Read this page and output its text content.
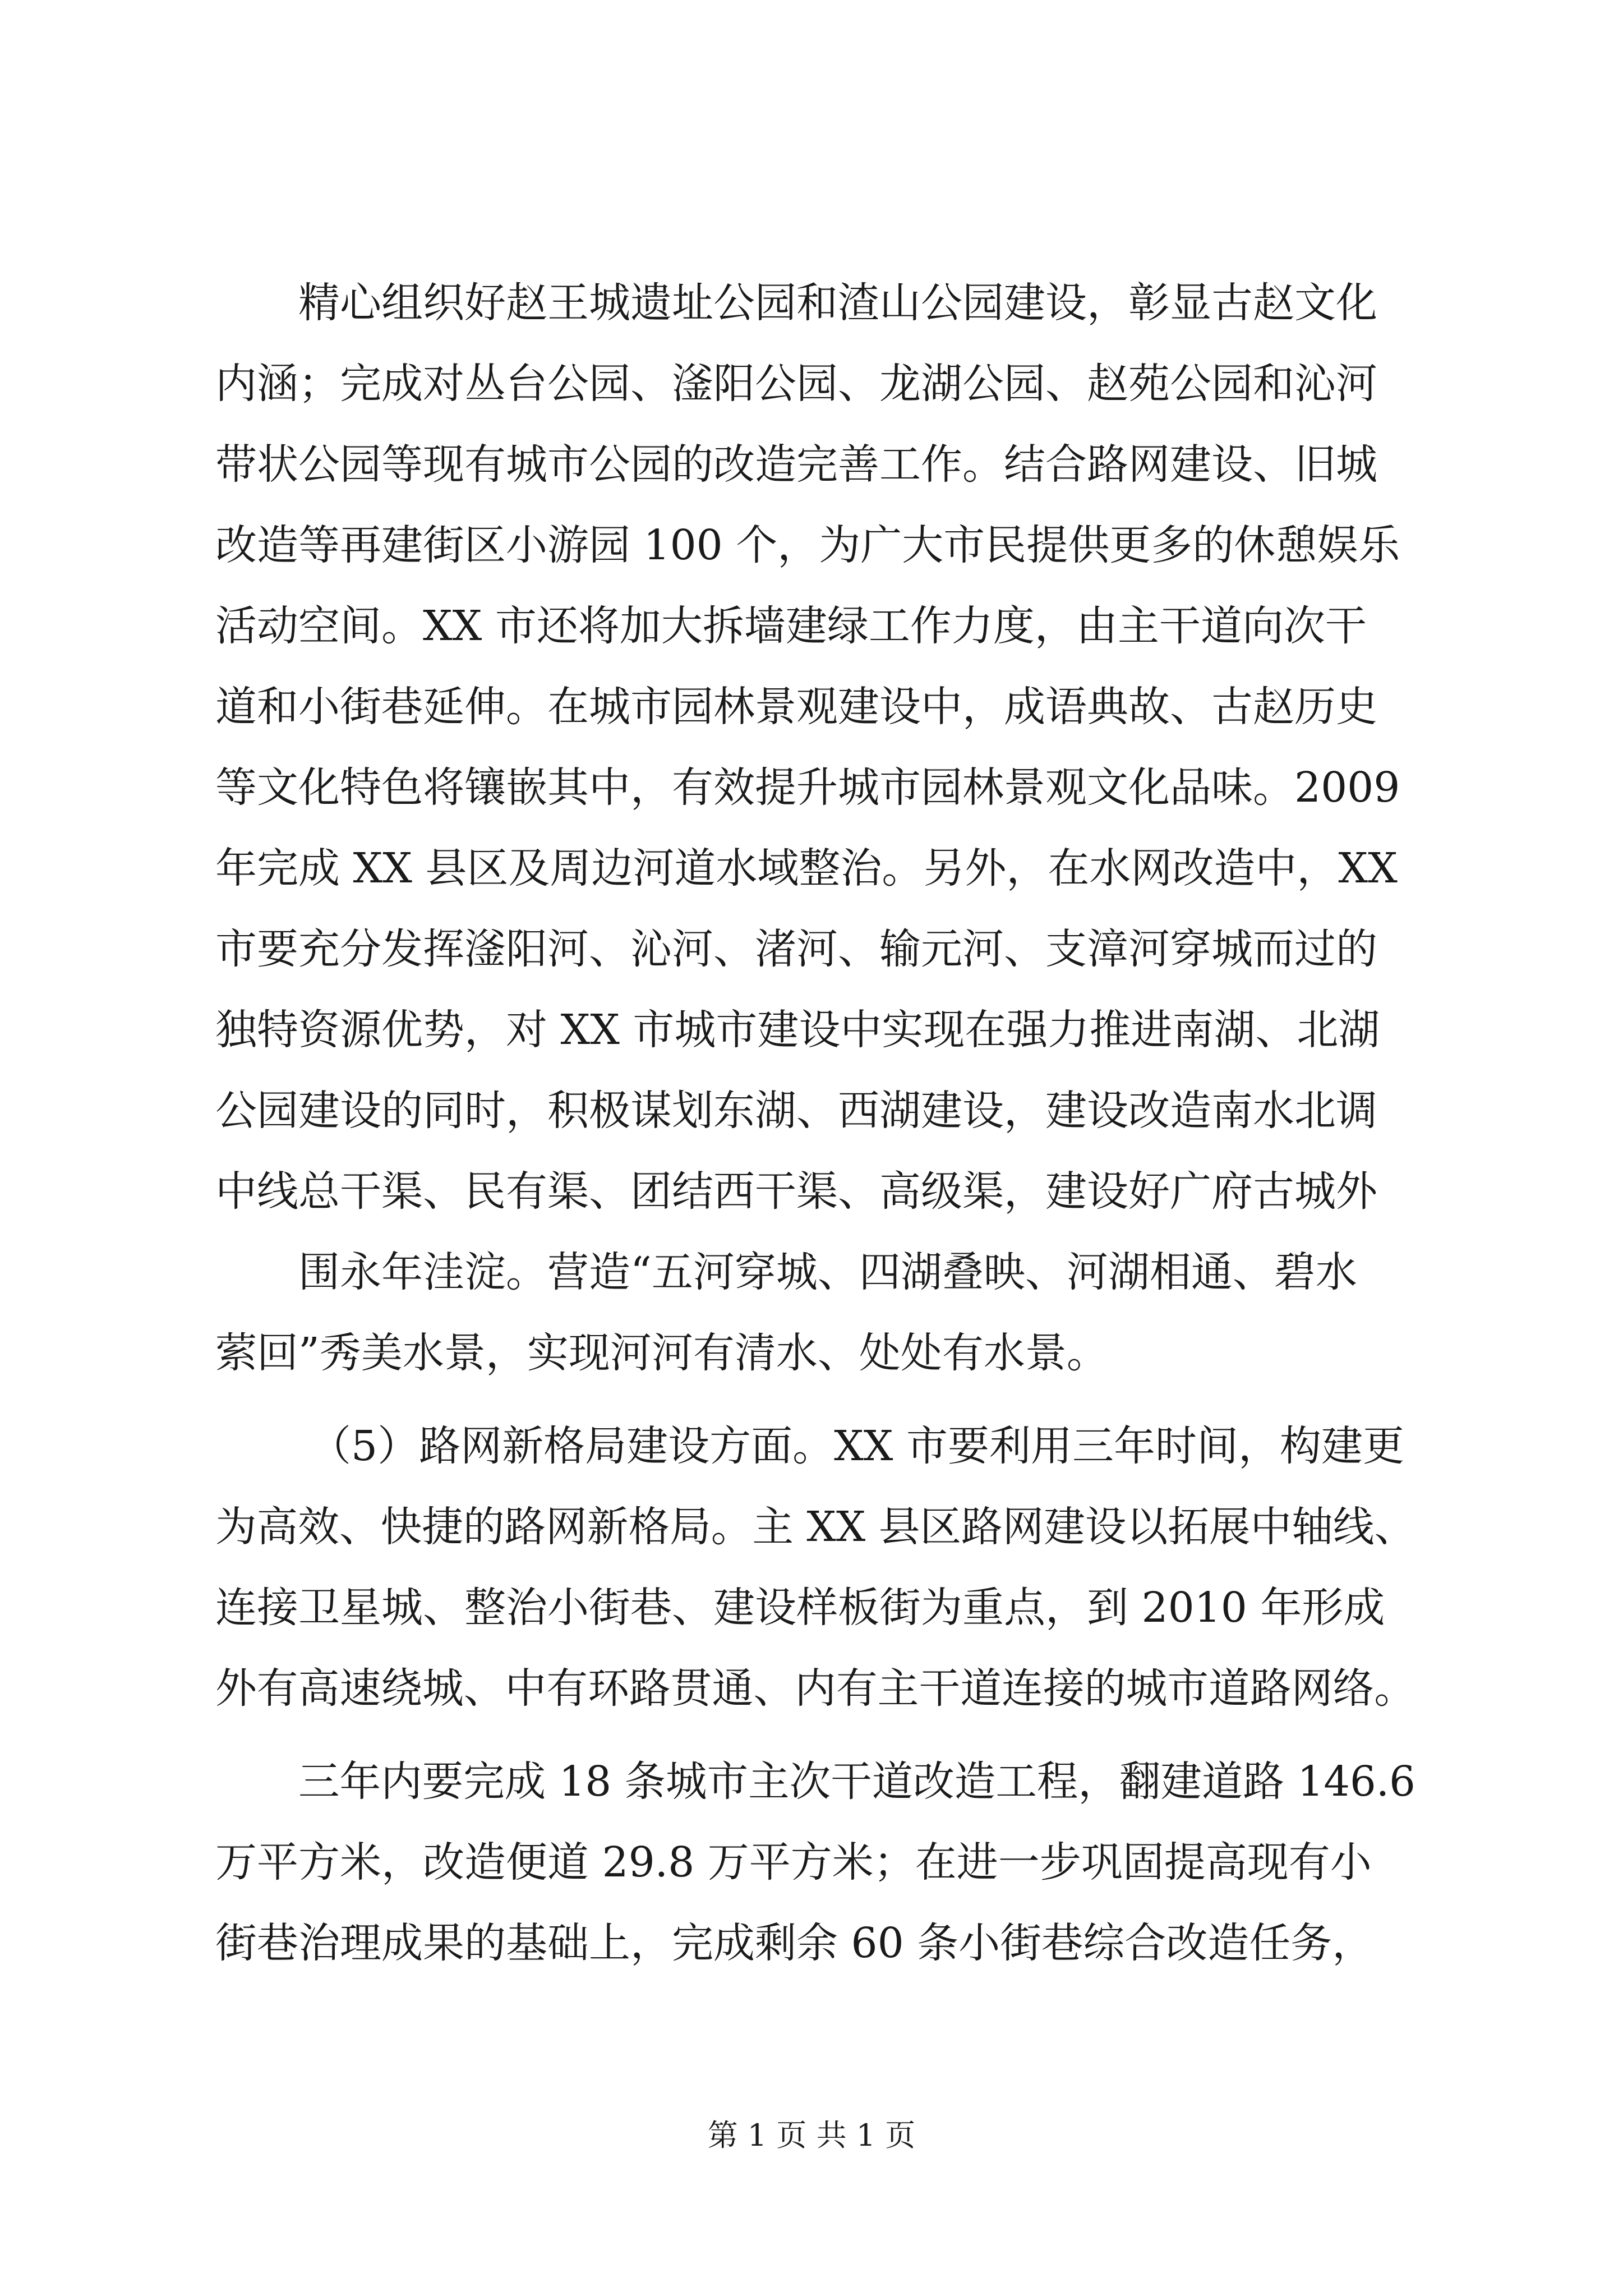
精心组织好赵王城遗址公园和渣山公园建设，彰显古赵文化
内涵；完成对丛台公园、滏阳公园、龙湖公园、赵苑公园和沁河
带状公园等现有城市公园的改造完善工作。结合路网建设、旧城
改造等再建街区小游园 100 个，为广大市民提供更多的休憩娱乐
活动空间。XX 市还将加大拆墙建绿工作力度，由主干道向次干
道和小街巷延伸。在城市园林景观建设中，成语典故、古赵历史
等文化特色将镶嵌其中，有效提升城市园林景观文化品味。2009
年完成 XX 县区及周边河道水域整治。另外，在水网改造中，XX
市要充分发挥滏阳河、沁河、渚河、输元河、支漳河穿城而过的
独特资源优势，对 XX 市城市建设中实现在强力推进南湖、北湖
公园建设的同时，积极谋划东湖、西湖建设，建设改造南水北调
中线总干渠、民有渠、团结西干渠、高级渠，建设好广府古城外
围永年洼淀。营造“五河穿城、四湖叠映、河湖相通、碧水
萦回”秀美水景，实现河河有清水、处处有水景。
（5）路网新格局建设方面。XX 市要利用三年时间，构建更
为高效、快捷的路网新格局。主 XX 县区路网建设以拓展中轴线、
连接卫星城、整治小街巷、建设样板街为重点，到 2010 年形成
外有高速绕城、中有环路贯通、内有主干道连接的城市道路网络。
三年内要完成 18 条城市主次干道改造工程，翻建道路 146.6
万平方米，改造便道 29.8 万平方米；在进一步巩固提高现有小
街巷治理成果的基础上，完成剩余 60 条小街巷综合改造任务，
第 1 页 共 1 页
